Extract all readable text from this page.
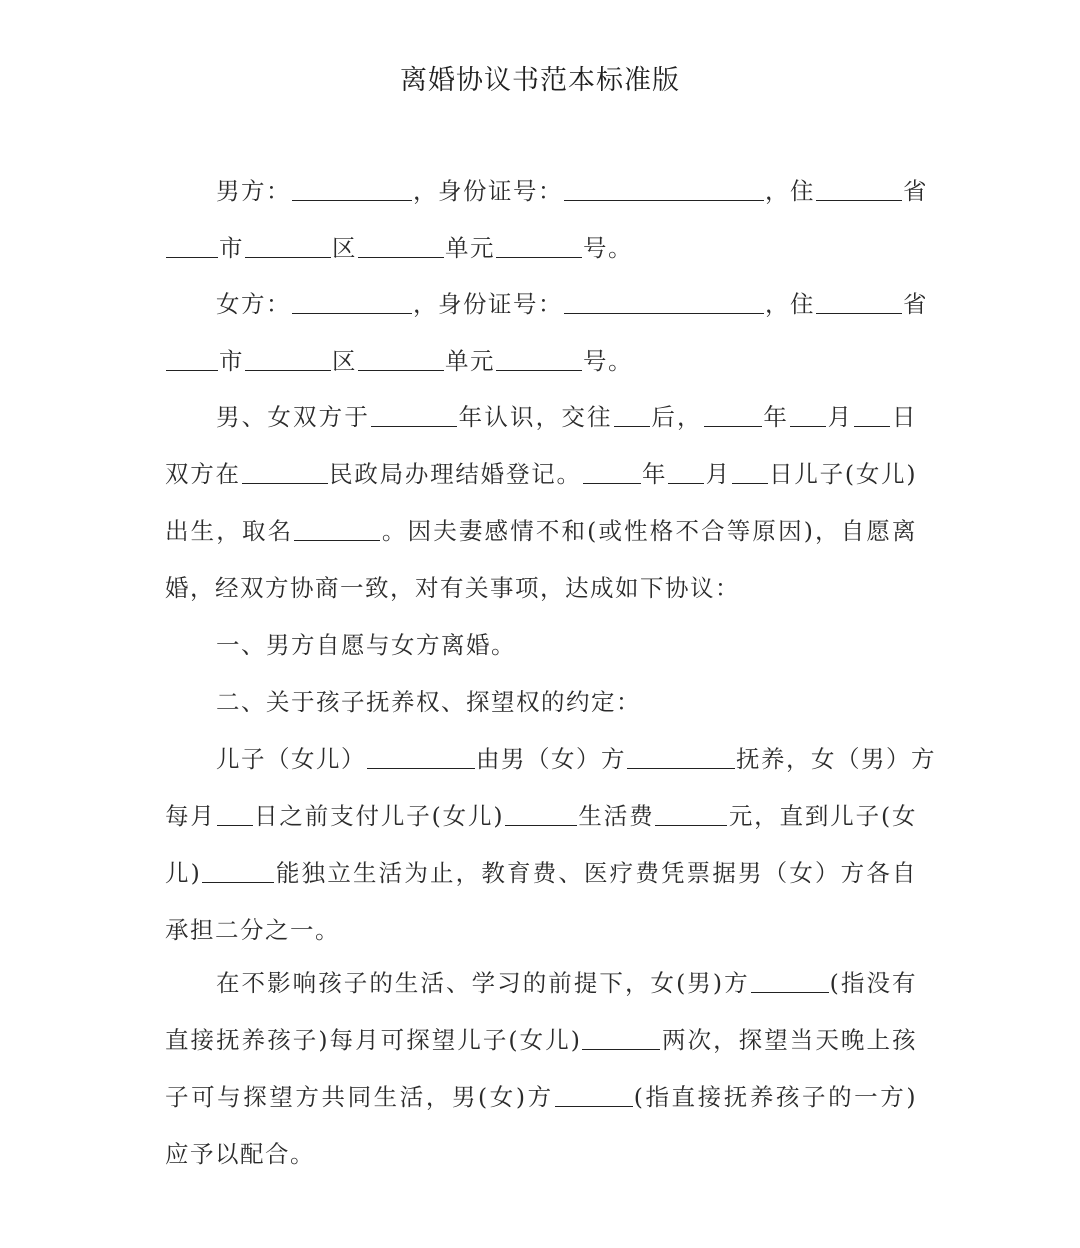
离婚协议书范本标准版
男方：	，身份证号：	，住	省
市	区	单元	号。
女方：	，身份证号：	，住	省
市	区	单元	号。
男、女双方于	年认识，交往 后，	年 月 日
双方在	民政局办理结婚登记。	年 月 日儿子(女儿)
出生，取名	。因夫妻感情不和(或性格不合等原因)，自愿离
婚，经双方协商一致，对有关事项，达成如下协议：
一、男方自愿与女方离婚。
二、关于孩子抚养权、探望权的约定：
儿子（女儿）	由男（女）方	抚养，女（男）方
每月 日之前支付儿子(女儿)	生活费	元，直到儿子(女
儿)	能独立生活为止，教育费、医疗费凭票据男（女）方各自
承担二分之一。
在不影响孩子的生活、学习的前提下，女(男)方	(指没有
直接抚养孩子)每月可探望儿子(女儿)	两次，探望当天晚上孩
子可与探望方共同生活，男(女)方	(指直接抚养孩子的一方)
应予以配合。
